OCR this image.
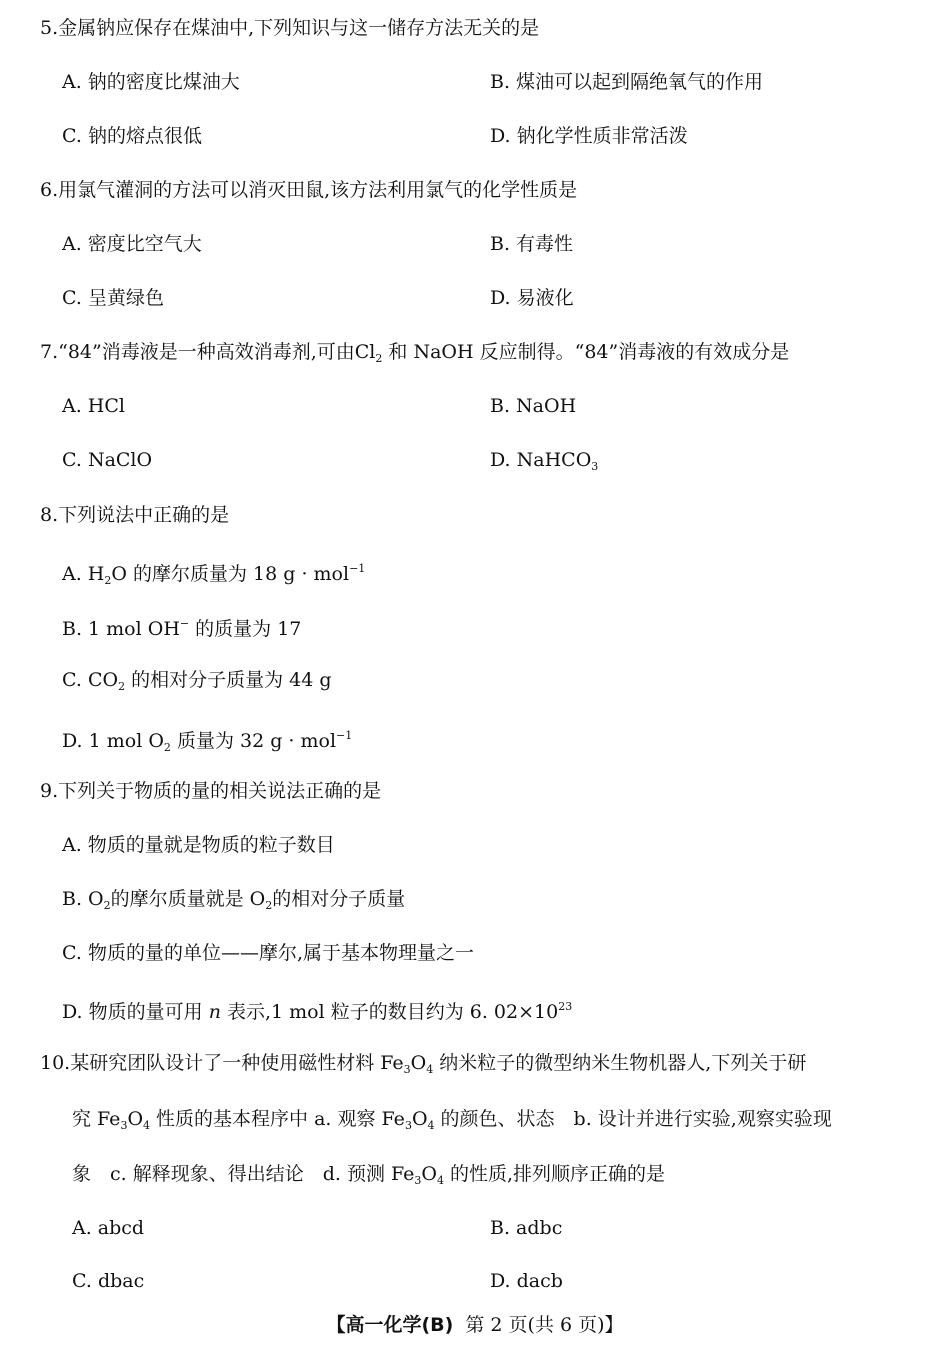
5.金属钠应保存在煤油中,下列知识与这一储存方法无关的是
A. 钠的密度比煤油大	B. 煤油可以起到隔绝氧气的作用
C. 钠的熔点很低	D. 钠化学性质非常活泼
6.用氯气灌洞的方法可以消灭田鼠,该方法利用氯气的化学性质是
A. 密度比空气大	B. 有毒性
C. 呈黄绿色	D. 易液化
7.“84”消毒液是一种高效消毒剂,可由$Cl_2$ 和 NaOH 反应制得。“84”消毒液的有效成分是
A. HCl	B. NaOH
C. NaClO	D. NaHCO$_3$
8.下列说法中正确的是
A. $H_2O$ 的摩尔质量为 18 g · mol$^{-1}$
B. 1 mol OH− 的质量为 17
C. $CO_2$ 的相对分子质量为 44 g
D. 1 mol $O_2$ 质量为 32 g · mol$^{-1}$
9.下列关于物质的量的相关说法正确的是
A. 物质的量就是物质的粒子数目
B. $O_2$的摩尔质量就是 $O_2$的相对分子质量
C. 物质的量的单位——摩尔,属于基本物理量之一
D. 物质的量可用 n 表示,1 mol 粒子的数目约为 6. $02\times 10^{23}$
10.某研究团队设计了一种使用磁性材料 $Fe_3O_4$ 纳米粒子的微型纳米生物机器人,下列关于研
究 $Fe_3O_4$ 性质的基本程序中 a. 观察 $Fe_3O_4$ 的颜色、状态　b. 设计并进行实验,观察实验现
象　c. 解释现象、得出结论　d. 预测 $Fe_3O_4$ 的性质,排列顺序正确的是
A. abcd	B. adbc
C. dbac	D. dacb
【高一化学(B) 第 2 页(共 6 页)】
